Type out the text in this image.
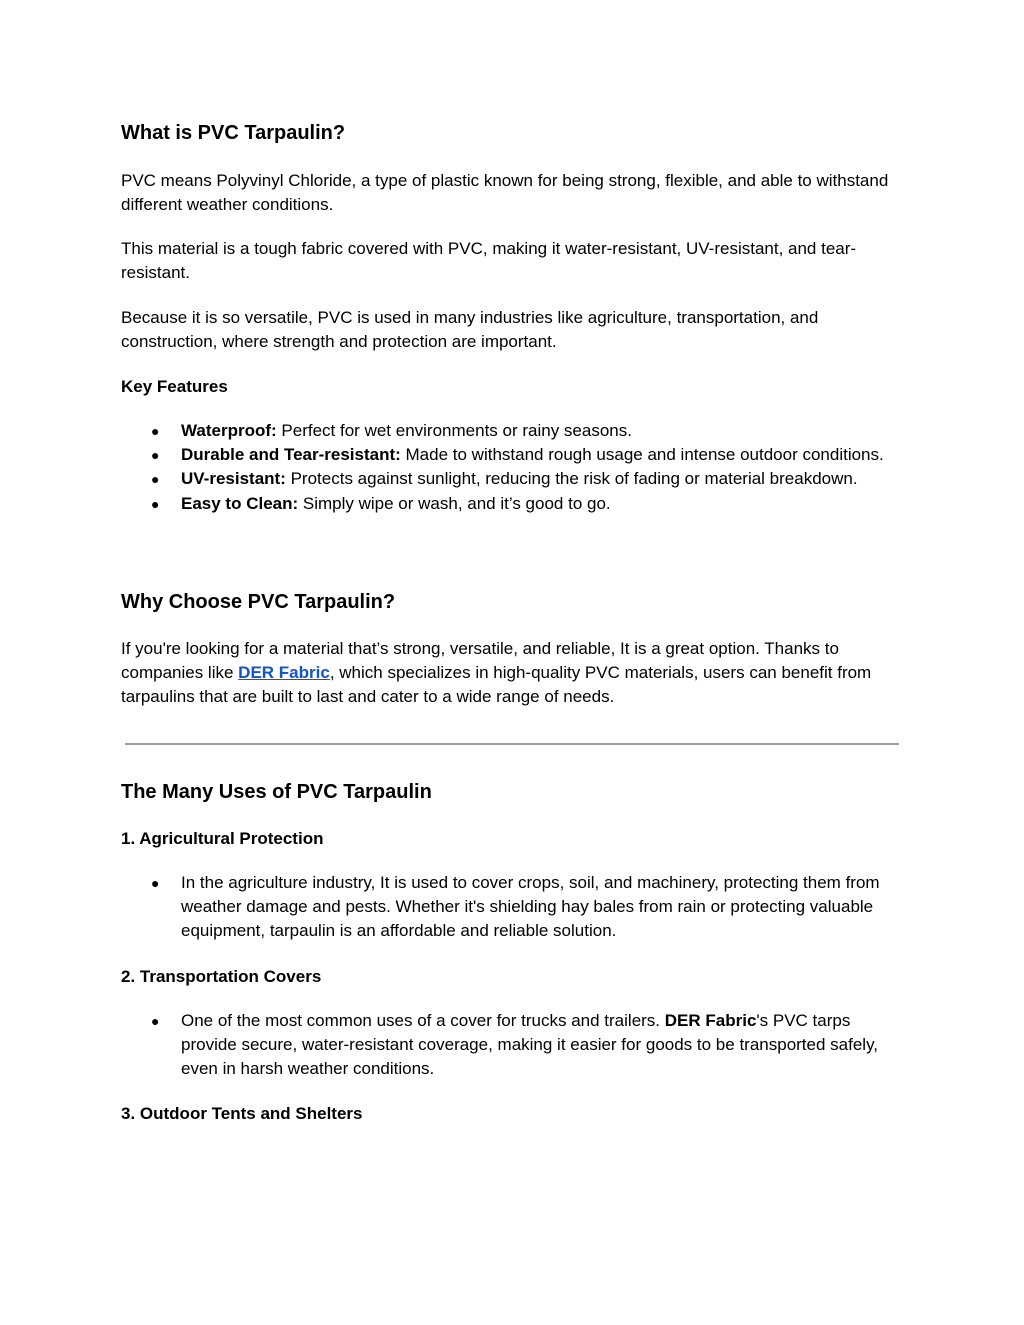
What is PVC Tarpaulin?

PVC means Polyvinyl Chloride, a type of plastic known for being strong, flexible, and able to withstand different weather conditions.

This material is a tough fabric covered with PVC, making it water-resistant, UV-resistant, and tear-resistant.

Because it is so versatile, PVC is used in many industries like agriculture, transportation, and construction, where strength and protection are important.

Key Features
● Waterproof: Perfect for wet environments or rainy seasons.
● Durable and Tear-resistant: Made to withstand rough usage and intense outdoor conditions.
● UV-resistant: Protects against sunlight, reducing the risk of fading or material breakdown.
● Easy to Clean: Simply wipe or wash, and it’s good to go.
Why Choose PVC Tarpaulin?

If you're looking for a material that’s strong, versatile, and reliable, It is a great option. Thanks to companies like DER Fabric, which specializes in high-quality PVC materials, users can benefit from tarpaulins that are built to last and cater to a wide range of needs.

The Many Uses of PVC Tarpaulin
1. Agricultural Protection
● In the agriculture industry, It is used to cover crops, soil, and machinery, protecting them from weather damage and pests. Whether it's shielding hay bales from rain or protecting valuable equipment, tarpaulin is an affordable and reliable solution.
2. Transportation Covers
● One of the most common uses of a cover for trucks and trailers. DER Fabric's PVC tarps provide secure, water-resistant coverage, making it easier for goods to be transported safely, even in harsh weather conditions.
3. Outdoor Tents and Shelters
